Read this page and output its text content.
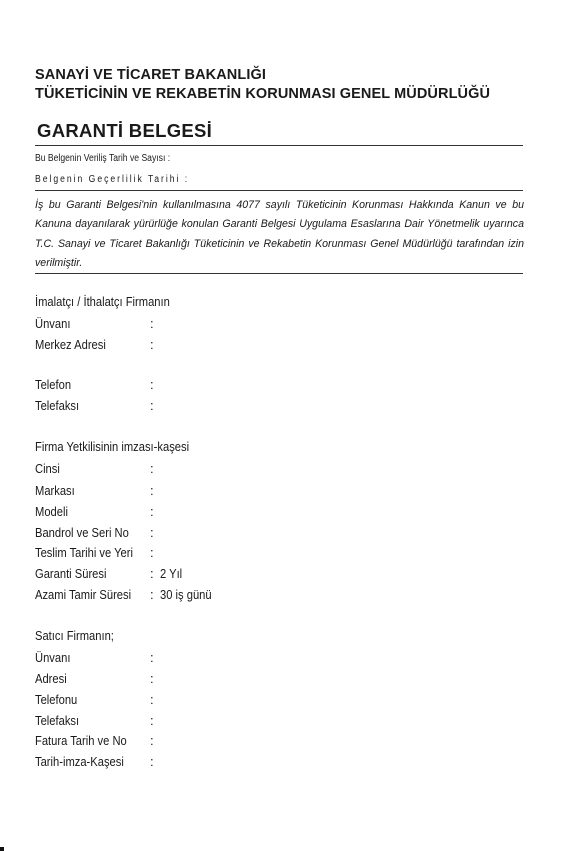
SANAYİ VE TİCARET BAKANLIĞI
TÜKETİCİNİN VE REKABETİN KORUNMASI GENEL MÜDÜRLÜĞÜ
GARANTİ BELGESİ
Bu Belgenin Veriliş Tarih ve Sayısı :
Belgenin Geçerlilik Tarihi :
İş bu Garanti Belgesi'nin kullanılmasına 4077 sayılı Tüketicinin Korunması Hakkında Kanun ve bu Kanuna dayanılarak yürürlüğe konulan Garanti Belgesi Uygulama Esaslarına Dair Yönetmelik uyarınca T.C. Sanayi ve Ticaret Bakanlığı Tüketicinin ve Rekabetin Korunması Genel Müdürlüğü tarafından izin verilmiştir.
İmalatçı / İthalatçı Firmanın
Ünvanı	:
Merkez Adresi	:
Telefon	:
Telefaksı	:
Firma Yetkilisinin imzası-kaşesi
Cinsi	:
Markası	:
Modeli	:
Bandrol ve Seri No :
Teslim Tarihi ve Yeri :
Garanti Süresi	: 2 Yıl
Azami Tamir Süresi : 30 iş günü
Satıcı Firmanın;
Ünvanı	:
Adresi	:
Telefonu	:
Telefaksı	:
Fatura Tarih ve No :
Tarih-imza-Kaşesi :
